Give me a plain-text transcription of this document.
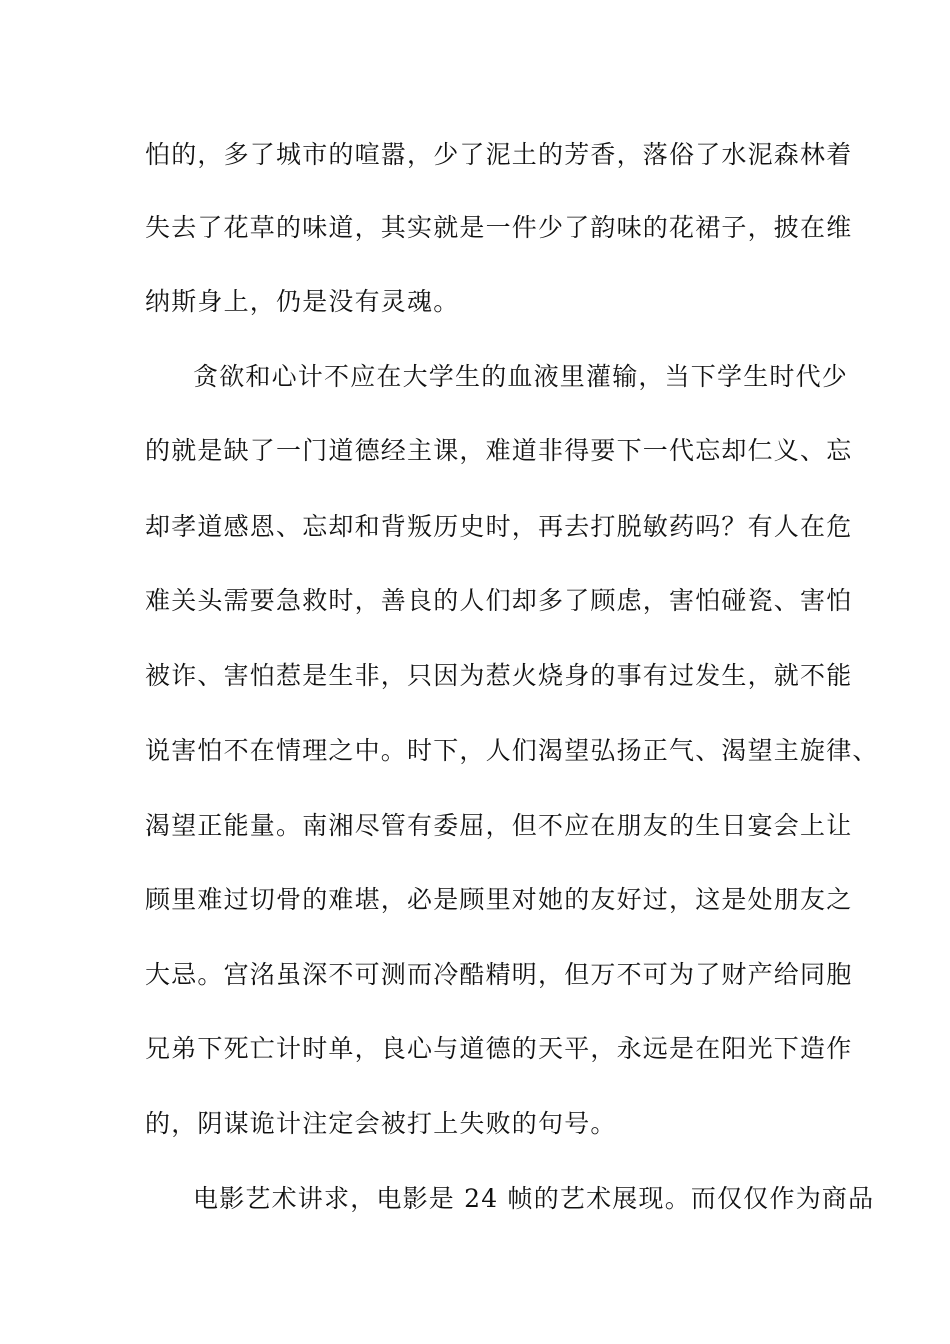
怕的，多了城市的喧嚣，少了泥土的芳香，落俗了水泥森林着
失去了花草的味道，其实就是一件少了韵味的花裙子，披在维
纳斯身上，仍是没有灵魂。
贪欲和心计不应在大学生的血液里灌输，当下学生时代少
的就是缺了一门道德经主课，难道非得要下一代忘却仁义、忘
却孝道感恩、忘却和背叛历史时，再去打脱敏药吗？有人在危
难关头需要急救时，善良的人们却多了顾虑，害怕碰瓷、害怕
被诈、害怕惹是生非，只因为惹火烧身的事有过发生，就不能
说害怕不在情理之中。时下，人们渴望弘扬正气、渴望主旋律、
渴望正能量。南湘尽管有委屈，但不应在朋友的生日宴会上让
顾里难过切骨的难堪，必是顾里对她的友好过，这是处朋友之
大忌。宫洺虽深不可测而冷酷精明，但万不可为了财产给同胞
兄弟下死亡计时单，良心与道德的天平，永远是在阳光下造作
的，阴谋诡计注定会被打上失败的句号。
电影艺术讲求，电影是 24 帧的艺术展现。而仅仅作为商品
